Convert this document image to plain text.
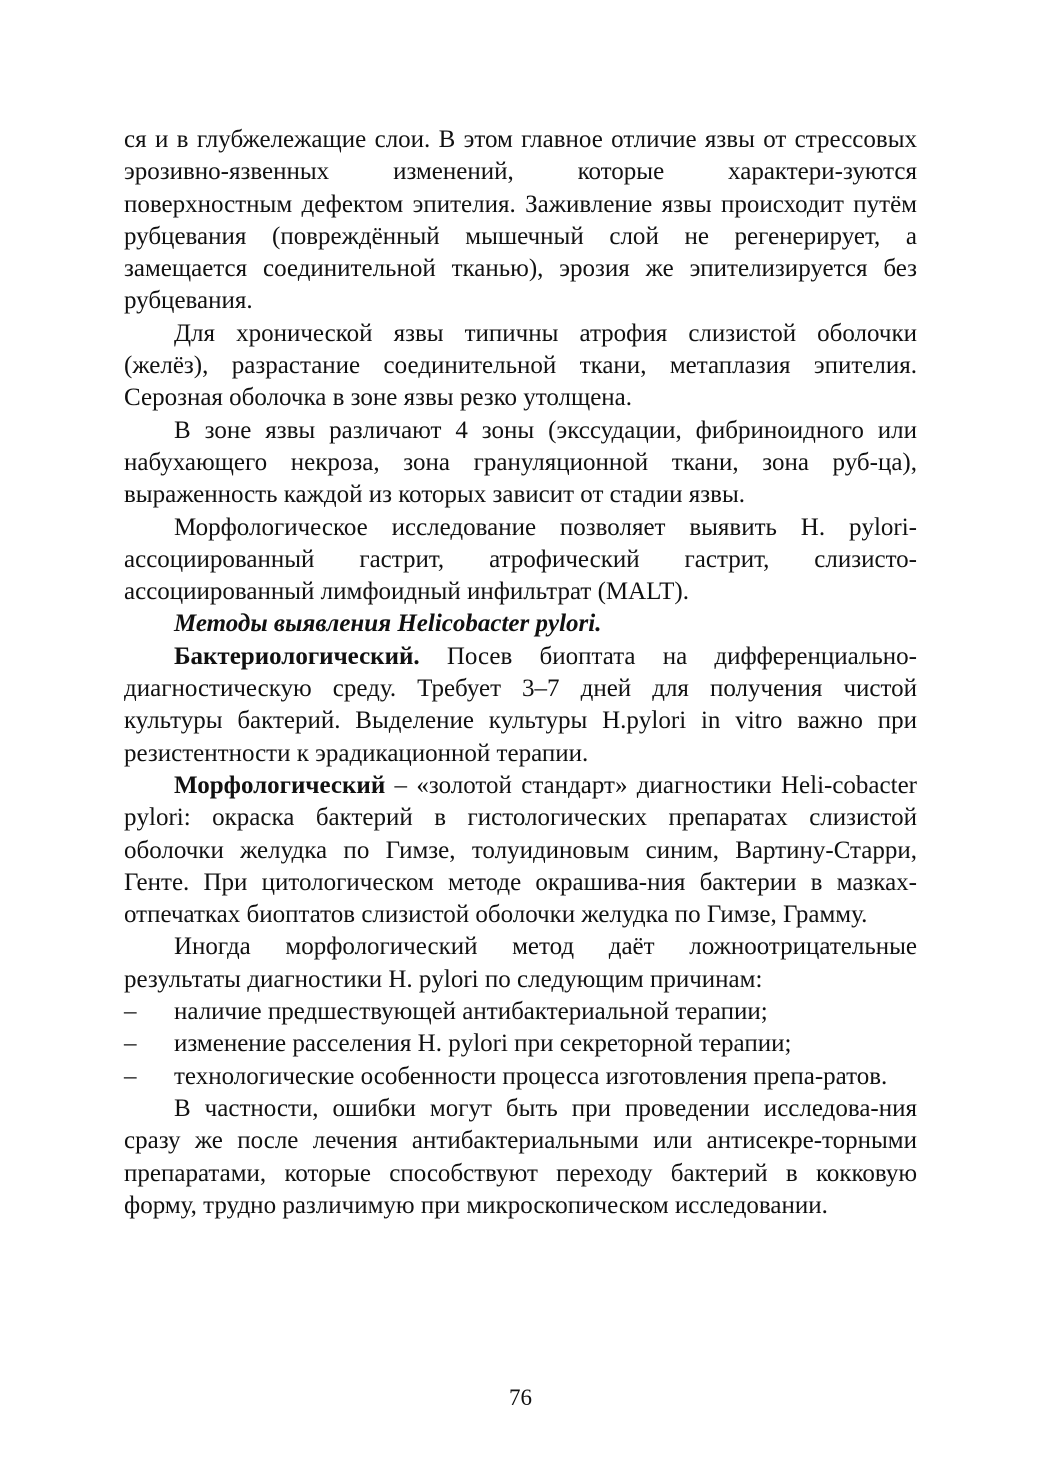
ся и в глубжележащие слои. В этом главное отличие язвы от стрессовых эрозивно-язвенных изменений, которые характери-зуются поверхностным дефектом эпителия. Заживление язвы происходит путём рубцевания (повреждённый мышечный слой не регенерирует, а замещается соединительной тканью), эрозия же эпителизируется без рубцевания.

Для хронической язвы типичны атрофия слизистой оболочки (желёз), разрастание соединительной ткани, метаплазия эпителия. Серозная оболочка в зоне язвы резко утолщена.

В зоне язвы различают 4 зоны (экссудации, фибриноидного или набухающего некроза, зона грануляционной ткани, зона руб-ца), выраженность каждой из которых зависит от стадии язвы.

Морфологическое исследование позволяет выявить H. pylori-ассоциированный гастрит, атрофический гастрит, слизисто-ассоциированный лимфоидный инфильтрат (MALT).

Методы выявления Helicobacter pylori.

Бактериологический. Посев биоптата на дифференциально-диагностическую среду. Требует 3–7 дней для получения чистой культуры бактерий. Выделение культуры H.pylori in vitro важно при резистентности к эрадикационной терапии.

Морфологический – «золотой стандарт» диагностики Heli-cobacter pylori: окраска бактерий в гистологических препаратах слизистой оболочки желудка по Гимзе, толуидиновым синим, Вартину-Старри, Генте. При цитологическом методе окрашива-ния бактерии в мазках-отпечатках биоптатов слизистой оболочки желудка по Гимзе, Грамму.

Иногда морфологический метод даёт ложноотрицательные результаты диагностики H. pylori по следующим причинам:

– наличие предшествующей антибактериальной терапии;
– изменение расселения H. pylori при секреторной терапии;
– технологические особенности процесса изготовления препа-ратов.

В частности, ошибки могут быть при проведении исследова-ния сразу же после лечения антибактериальными или антисекре-торными препаратами, которые способствуют переходу бактерий в кокковую форму, трудно различимую при микроскопическом исследовании.

76
